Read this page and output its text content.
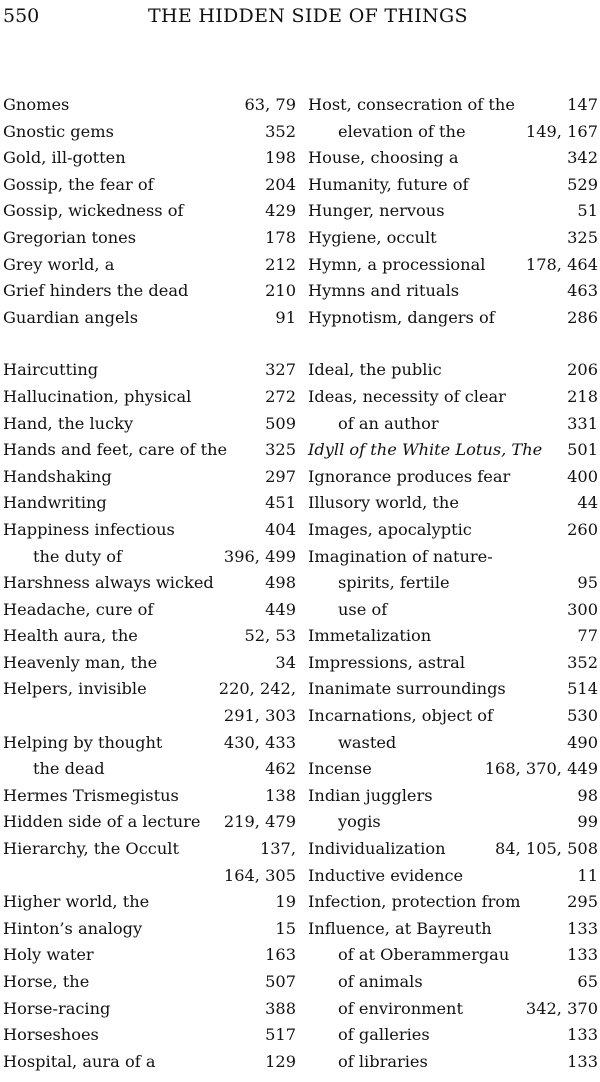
550	THE HIDDEN SIDE OF THINGS
Gnomes	63, 79
Gnostic gems	352
Gold, ill-gotten	198
Gossip, the fear of	204
Gossip, wickedness of	429
Gregorian tones	178
Grey world, a	212
Grief hinders the dead	210
Guardian angels	91
Haircutting	327
Hallucination, physical	272
Hand, the lucky	509
Hands and feet, care of the 325
Handshaking	297
Handwriting	451
Happiness infectious	404
the duty of	396, 499
Harshness always wicked	498
Headache, cure of	449
Health aura, the	52, 53
Heavenly man, the	34
Helpers, invisible	220, 242,
291, 303
Helping by thought	430, 433
the dead	462
Hermes Trismegistus	138
Hidden side of a lecture 219, 479
Hierarchy, the Occult	137,
164, 305
Higher world, the	19
Hinton’s analogy	15
Holy water	163
Horse, the	507
Horse-racing	388
Horseshoes	517
Hospital, aura of a	129
Host, consecration of the	147
elevation of the	149, 167
House, choosing a	342
Humanity, future of	529
Hunger, nervous	51
Hygiene, occult	325
Hymn, a processional 178, 464
Hymns and rituals	463
Hypnotism, dangers of	286
Ideal, the public	206
Ideas, necessity of clear	218
of an author	331
Idyll of the White Lotus, The 501
Ignorance produces fear	400
Illusory world, the	44
Images, apocalyptic	260
Imagination of nature-
spirits, fertile	95
use of	300
Immetalization	77
Impressions, astral	352
Inanimate surroundings	514
Incarnations, object of	530
wasted	490
Incense	168, 370, 449
Indian jugglers	98
yogis	99
Individualization	84, 105, 508
Inductive evidence	11
Infection, protection from	295
Influence, at Bayreuth	133
of at Oberammergau	133
of animals	65
of environment	342, 370
of galleries	133
of libraries	133
